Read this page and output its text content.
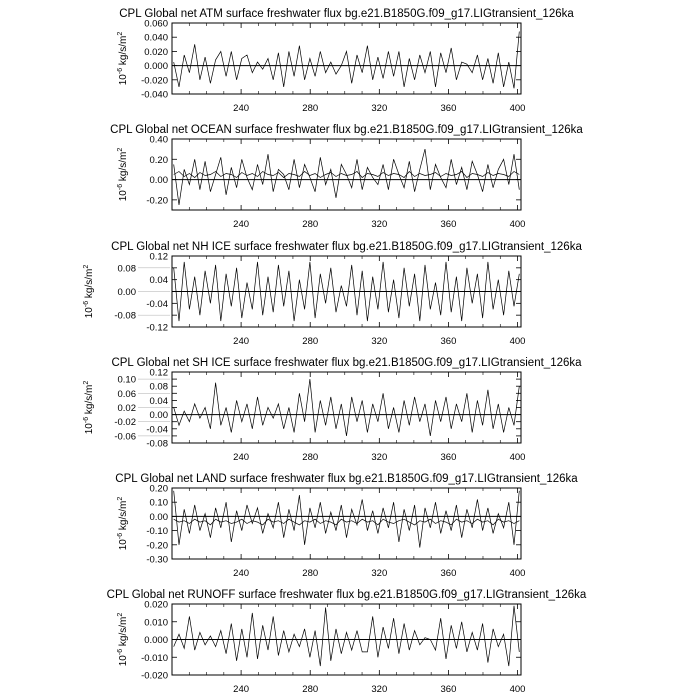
CPL Global net ATM surface freshwater flux bg.e21.B1850G.f09_g17.LIGtransient_126ka
$10^{-6}$ $kg/s/m^2$
-0.040
-0.020
0.000
0.020
0.040
0.060
240	280	320	360	400
CPL Global net OCEAN surface freshwater flux bg.e21.B1850G.f09_g17.LIGtransient_126ka
$10^{-6}$ $kg/s/m^2$
-0.20
0.00
0.20
0.40
240	280	320	360	400
CPL Global net NH ICE surface freshwater flux bg.e21.B1850G.f09_g17.LIGtransient_126ka
$10^{-6}$ $kg/s/m^2$
-0.12
-0.08
-0.04
0.00
0.04
0.08
0.12
240	280	320	360	400
CPL Global net SH ICE surface freshwater flux bg.e21.B1850G.f09_g17.LIGtransient_126ka
$10^{-6}$ $kg/s/m^2$
-0.08
-0.06
-0.04
-0.02
0.00
0.02
0.04
0.06
0.08
0.10
0.12
240	280	320	360	400
CPL Global net LAND surface freshwater flux bg.e21.B1850G.f09_g17.LIGtransient_126ka
$10^{-6}$ $kg/s/m^2$
-0.30
-0.20
-0.10
0.00
0.10
0.20
240	280	320	360	400
CPL Global net RUNOFF surface freshwater flux bg.e21.B1850G.f09_g17.LIGtransient_126ka
$10^{-6}$ $kg/s/m^2$
-0.020
-0.010
0.000
0.010
0.020
240	280	320	360	400
